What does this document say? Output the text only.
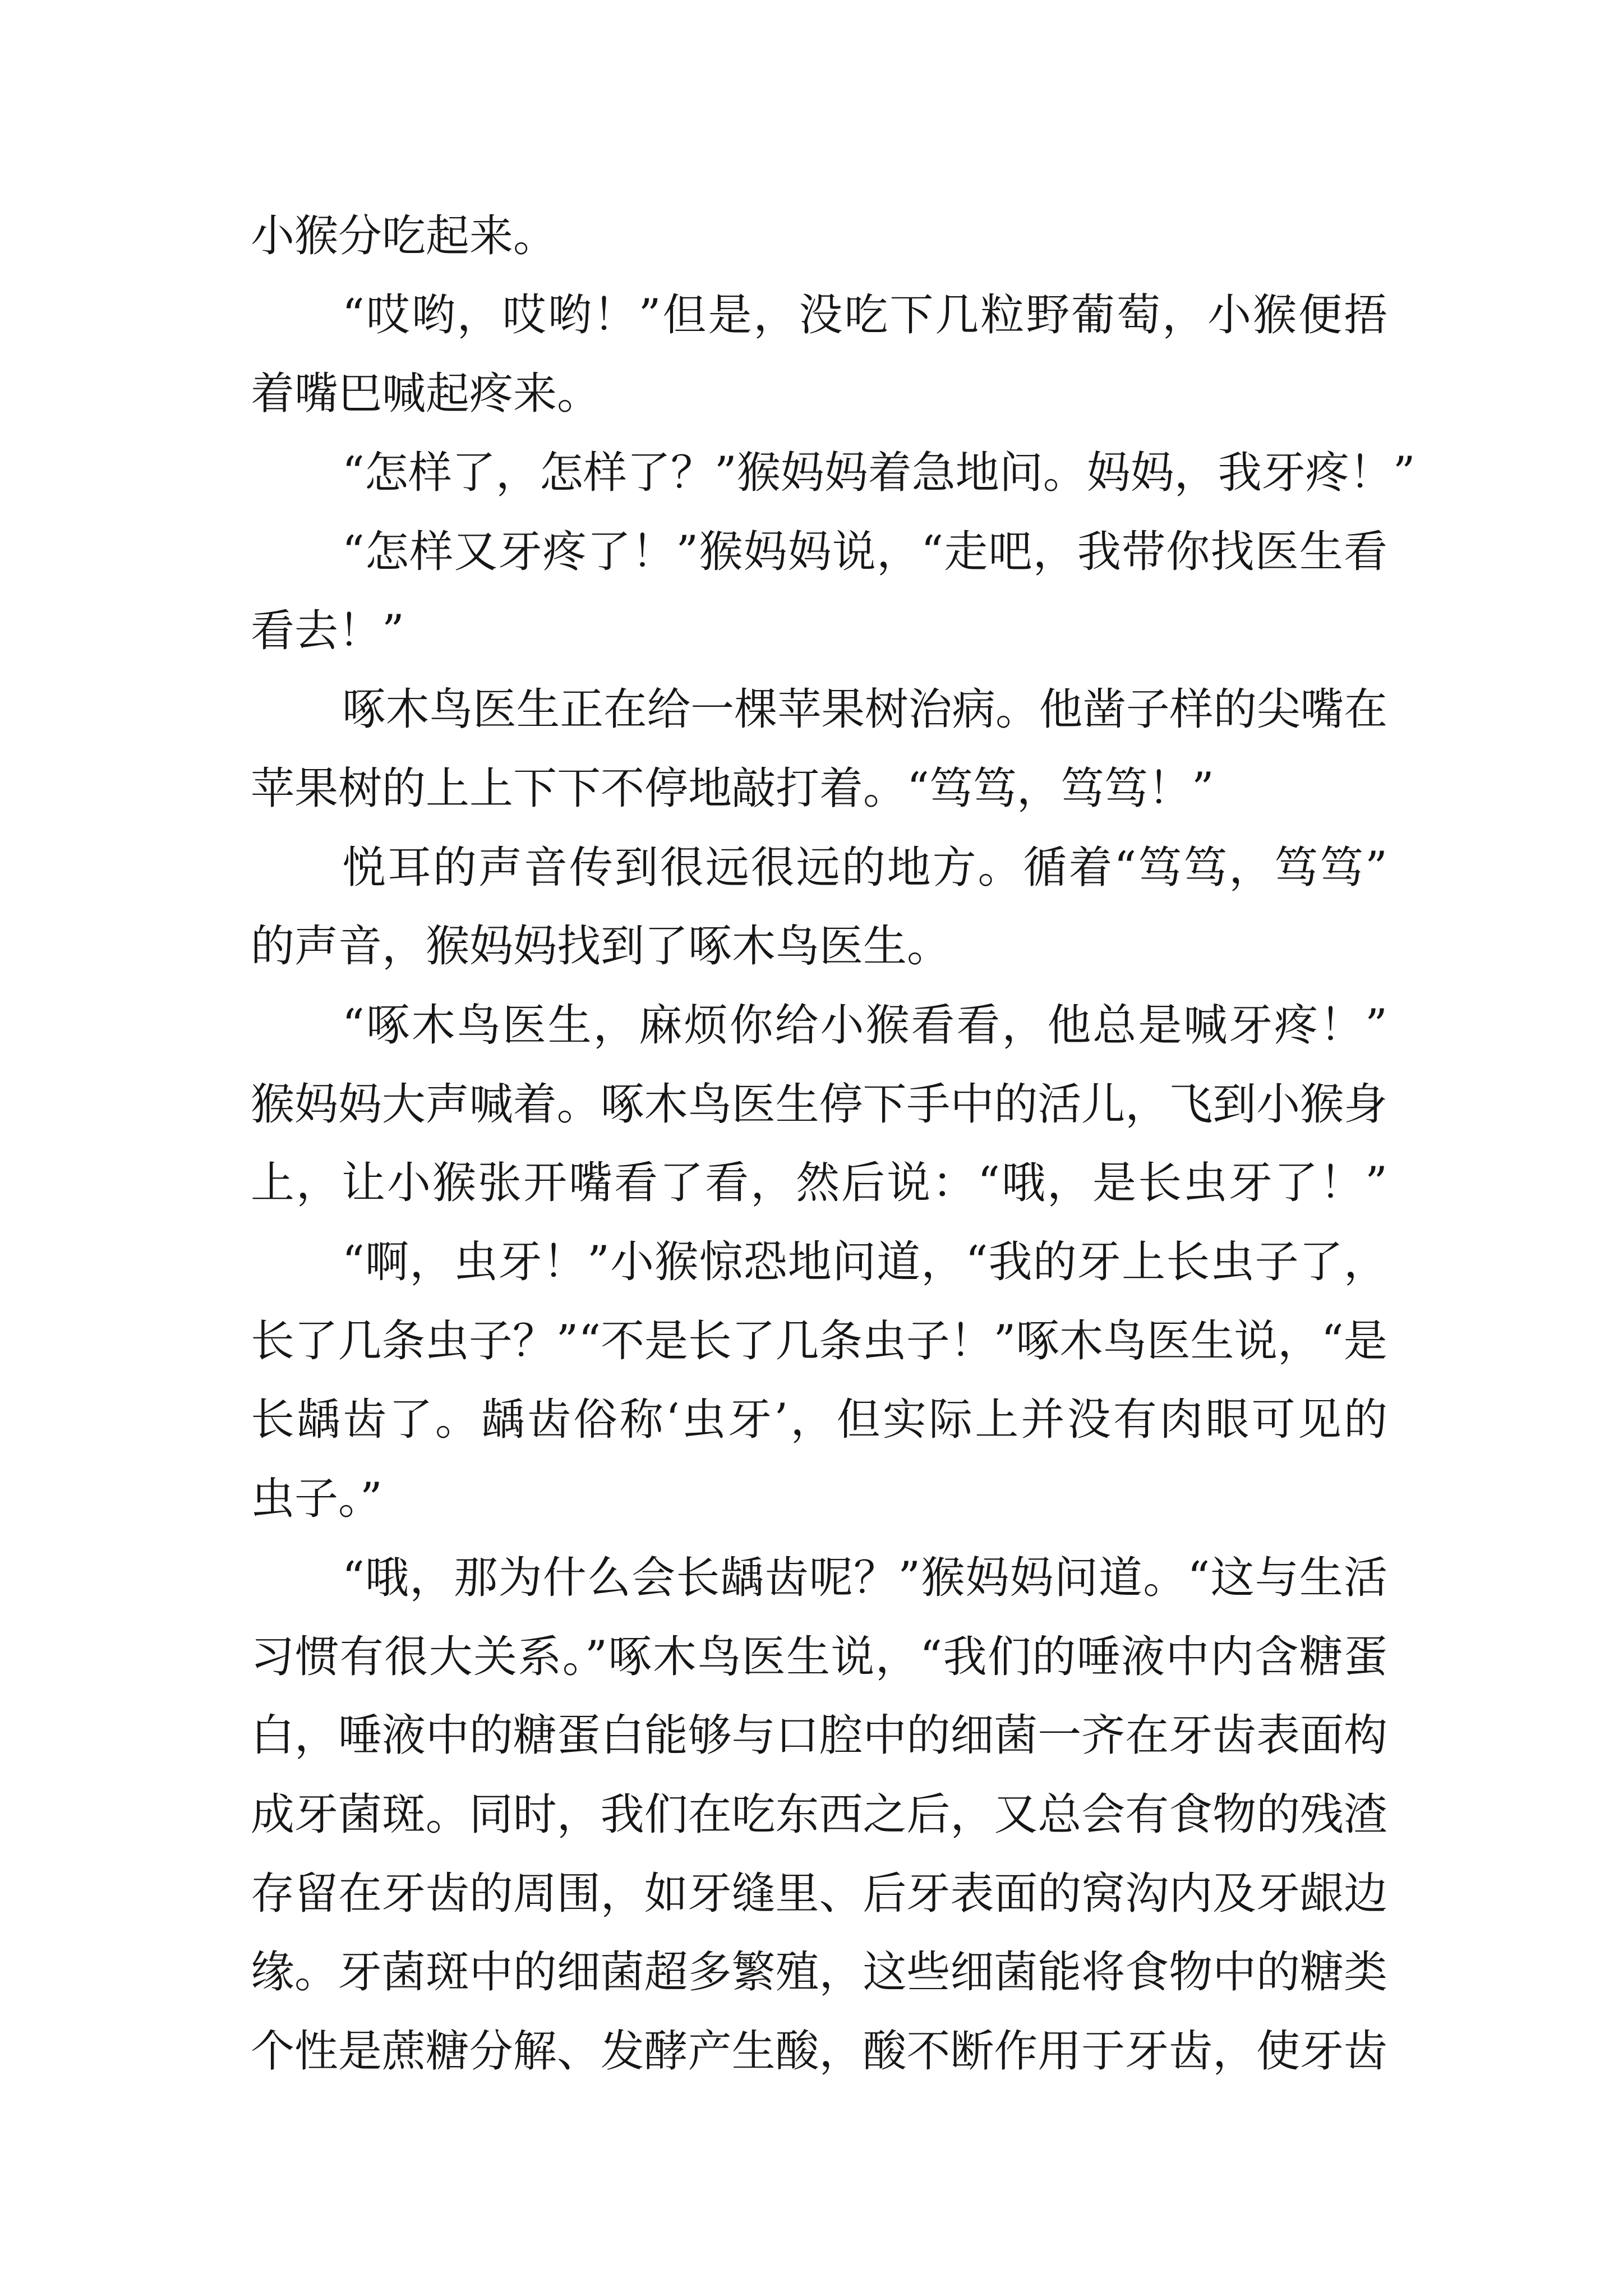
小猴分吃起来。
“哎哟，哎哟！”但是，没吃下几粒野葡萄，小猴便捂
着嘴巴喊起疼来。
“怎样了，怎样了？”猴妈妈着急地问。妈妈，我牙疼！”
“怎样又牙疼了！”猴妈妈说，“走吧，我带你找医生看
看去！”
啄木鸟医生正在给一棵苹果树治病。他凿子样的尖嘴在
苹果树的上上下下不停地敲打着。“笃笃，笃笃！”
悦耳的声音传到很远很远的地方。循着“笃笃，笃笃”
的声音，猴妈妈找到了啄木鸟医生。
“啄木鸟医生，麻烦你给小猴看看，他总是喊牙疼！”
猴妈妈大声喊着。啄木鸟医生停下手中的活儿，飞到小猴身
上，让小猴张开嘴看了看，然后说：“哦，是长虫牙了！”
“啊，虫牙！”小猴惊恐地问道，“我的牙上长虫子了，
长了几条虫子？”“不是长了几条虫子！”啄木鸟医生说，“是
长龋齿了。龋齿俗称‘虫牙’，但实际上并没有肉眼可见的
虫子。”
“哦，那为什么会长龋齿呢？”猴妈妈问道。“这与生活
习惯有很大关系。”啄木鸟医生说，“我们的唾液中内含糖蛋
白，唾液中的糖蛋白能够与口腔中的细菌一齐在牙齿表面构
成牙菌斑。同时，我们在吃东西之后，又总会有食物的残渣
存留在牙齿的周围，如牙缝里、后牙表面的窝沟内及牙龈边
缘。牙菌斑中的细菌超多繁殖，这些细菌能将食物中的糖类
个性是蔗糖分解、发酵产生酸，酸不断作用于牙齿，使牙齿
